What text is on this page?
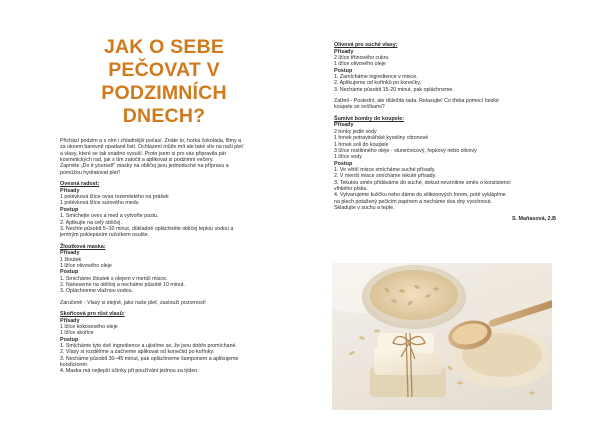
JAK O SEBE PEČOVAT V
PODZIMNÍCH DNECH?

Přichází podzim a s ním i chladnější počasí. Znáte to, horká čokoláda, filmy a

za oknem barevně opadané listí. Ochlazení může mít ale také vliv na naši pleť

a vlasy, které se tak snadno vysuší. Proto jsem si pro vás připravila pár

kosmetických rad, jak s tím zatočit a aplikovat si podzimní večery.

Zapněte „Do it yourself“ masky na obličej jsou jednoduché na přípravu a

pomůžou hydratovat pleť!

Ovesná radost:

Přísady

1 polévková lžíce ovsa rozemletého na prášek

1 polévková lžíce surového medu

Postup

1. Smíchejte oves a med a vytvořte pastu.

2. Aplikujte na celý obličej.

3. Nechte působit 5–10 minut, důkladně opláchněte obličej teplou vodou a

jemným poklepáním ručníkem osušte.

Žloutková maska:

Přísady

1 žloutek

1 lžíce olivového oleje

Postup

1. Smícháme žloutek s olejem v menší misce.

2. Naneseme na obličej a necháme působit 10 minut.

3. Opláchneme vlažnou vodou.

Zaručeně - Vlasy si stejně, jako naše pleť, zaslouží pozornost!

Skořicová pro růst vlasů:

Přísady

1 lžíce kokosového oleje

1 lžíce skořice

Postup

1. Smícháme tyto dvě ingredience a ujistíme se, že jsou dobře promíchané.

2. Vlasy si rozdělíme a začneme aplikovat od konečků po kořínky.

3. Necháme působit 30–45 minut, pak opláchneme šamponem a aplikujeme

kondicionér.

4. Maska má nejlepší účinky při používání jednou za týden.

Olivová pro suché vlasy:

Přísady

2 lžíce třtinového cukru

1 lžíce olivového oleje

Postup

1. Zamícháme ingredience v misce.

2. Aplikujeme od kořínků po konečky.

3. Necháme působit 15-20 minut, pak opláchneme.

Zatřeti - Poslední, ale důležitá rada. Relaxujte! Co třeba pomocí hezké

koupele se svíčkami?

Šumivé bomby do koupele:

Přísady

2 hrnky jedlé sody

1 hrnek potravinářské kyseliny citronové

1 hrnek soli do koupele

3 lžíce rostlinného oleje - slunečnicový, řepkový nebo olivový

1 lžíce vody

Postup

1. Ve větší misce smícháme suché přísady.

2. V menší misce smícháme tekuté přísady.

3. Tekutou směs přidáváme do suché, dokud nevznikne směs o konzistenci

vlhkého písku.

4. Vytvarujeme kuličku nebo dáme do silikonových forem, poté vyklápíme

na plech potažený pečicím papírem a necháme dva dny vyschnout.

Skladujte v suchu a teple.

S. Maňasová, 2.B
